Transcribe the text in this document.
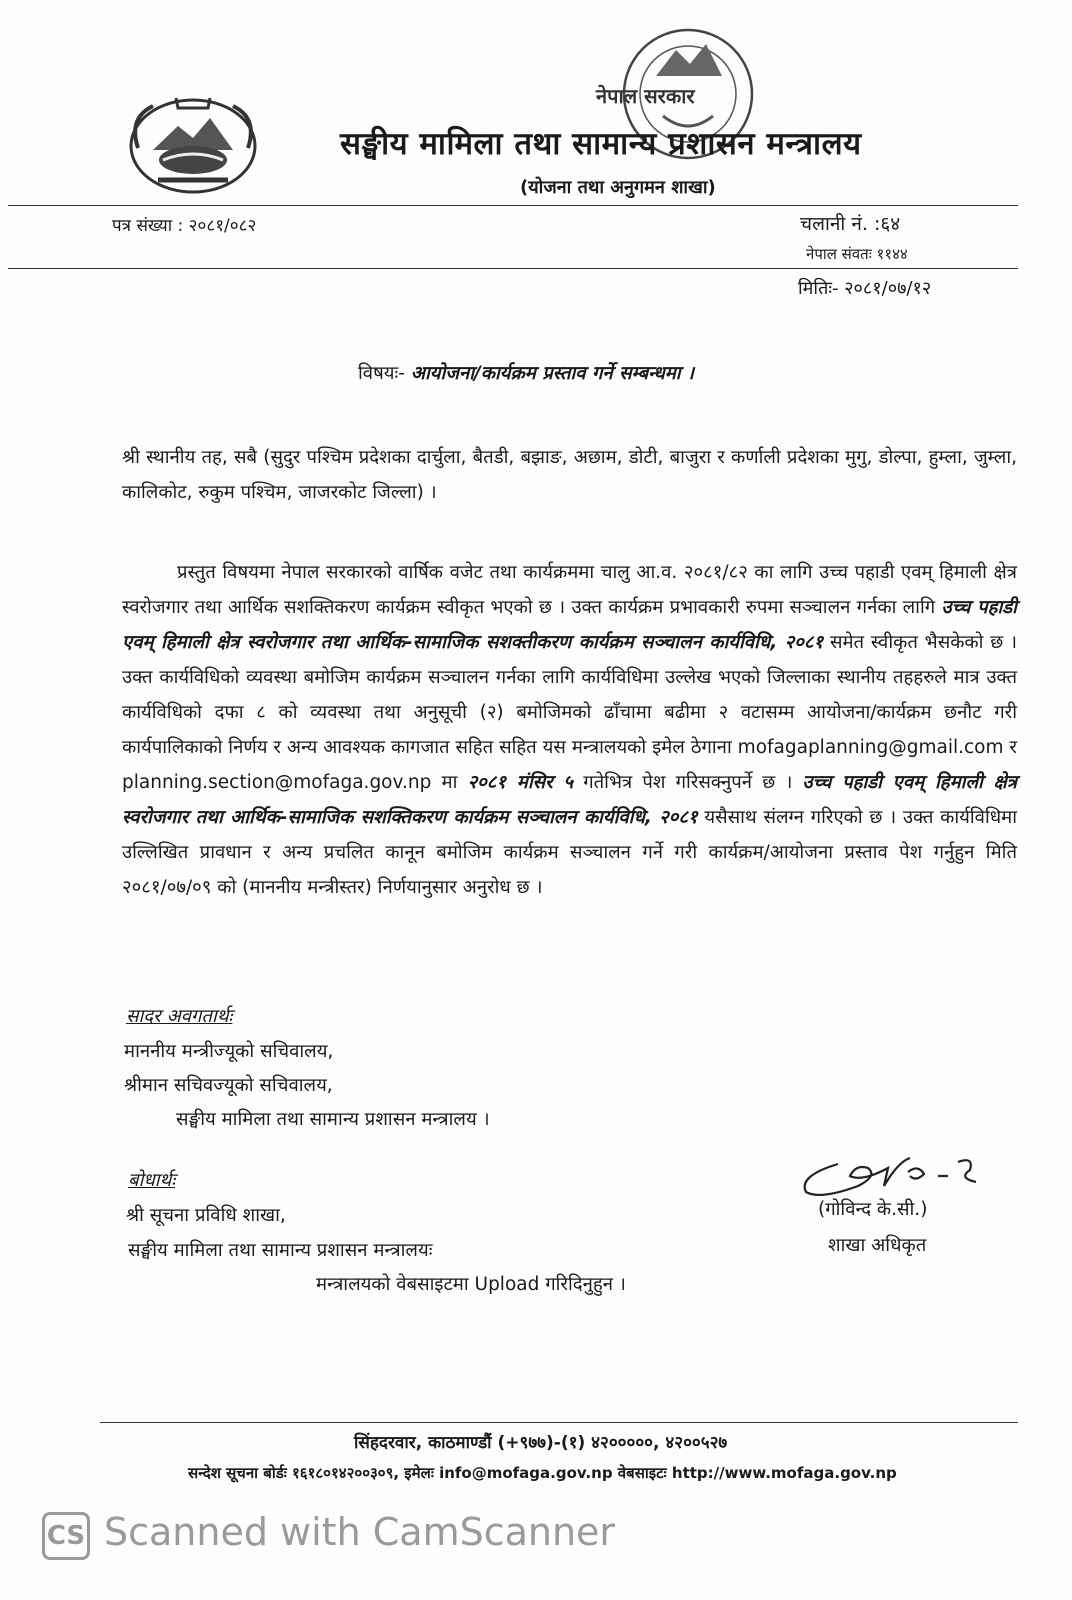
नेपाल सरकार
सङ्घीय मामिला तथा सामान्य प्रशासन मन्त्रालय
(योजना तथा अनुगमन शाखा)
पत्र संख्या : २०८१/०८२	चलानी नं. :६४
नेपाल संवतः ११४४
मितिः- २०८१/०७/१२
विषयः- आयोजना/कार्यक्रम प्रस्ताव गर्ने सम्बन्धमा ।
श्री स्थानीय तह, सबै (सुदुर पश्चिम प्रदेशका दार्चुला, बैतडी, बझाङ, अछाम, डोटी, बाजुरा र कर्णाली प्रदेशका मुगु, डोल्पा, हुम्ला, जुम्ला, कालिकोट, रुकुम पश्चिम, जाजरकोट जिल्ला) ।
प्रस्तुत विषयमा नेपाल सरकारको वार्षिक वजेट तथा कार्यक्रममा चालु आ.व. २०८१/८२ का लागि उच्च पहाडी एवम् हिमाली क्षेत्र स्वरोजगार तथा आर्थिक सशक्तिकरण कार्यक्रम स्वीकृत भएको छ । उक्त कार्यक्रम प्रभावकारी रुपमा सञ्चालन गर्नका लागि उच्च पहाडी एवम् हिमाली क्षेत्र स्वरोजगार तथा आर्थिक-सामाजिक सशक्तीकरण कार्यक्रम सञ्चालन कार्यविधि, २०८१ समेत स्वीकृत भैसकेको छ ।उक्त कार्यविधिको व्यवस्था बमोजिम कार्यक्रम सञ्चालन गर्नका लागि कार्यविधिमा उल्लेख भएको जिल्लाका स्थानीय तहहरुले मात्र उक्त कार्यविधिको दफा ८ को व्यवस्था तथा अनुसूची (२) बमोजिमको ढाँचामा बढीमा २ वटासम्म आयोजना/कार्यक्रम छनौट गरी कार्यपालिकाको निर्णय र अन्य आवश्यक कागजात सहित सहित यस मन्त्रालयको इमेल ठेगाना mofagaplanning@gmail.com र planning.section@mofaga.gov.np मा २०८१ मंसिर ५ गतेभित्र पेश गरिसक्नुपर्ने छ । उच्च पहाडी एवम् हिमाली क्षेत्र स्वरोजगार तथा आर्थिक-सामाजिक सशक्तिकरण कार्यक्रम सञ्चालन कार्यविधि, २०८१ यसैसाथ संलग्न गरिएको छ । उक्त कार्यविधिमा उल्लिखित प्रावधान र अन्य प्रचलित कानून बमोजिम कार्यक्रम सञ्चालन गर्ने गरी कार्यक्रम/आयोजना प्रस्ताव पेश गर्नुहुन मिति २०८१/०७/०९ को (माननीय मन्त्रीस्तर) निर्णयानुसार अनुरोध छ ।
सादर अवगतार्थः
माननीय मन्त्रीज्यूको सचिवालय,
श्रीमान सचिवज्यूको सचिवालय,
सङ्घीय मामिला तथा सामान्य प्रशासन मन्त्रालय ।
बोधार्थः
श्री सूचना प्रविधि शाखा,
सङ्घीय मामिला तथा सामान्य प्रशासन मन्त्रालयः
मन्त्रालयको वेबसाइटमा Upload गरिदिनुहुन ।
(गोविन्द के.सी.)
शाखा अधिकृत
सिंहदरवार, काठमाण्डौं (+९७७)-(१) ४२०००००, ४२००५२७
सन्देश सूचना बोर्डः १६१८०१४२००३०९, इमेलः info@mofaga.gov.np वेबसाइटः http://www.mofaga.gov.np
CS Scanned with CamScanner
